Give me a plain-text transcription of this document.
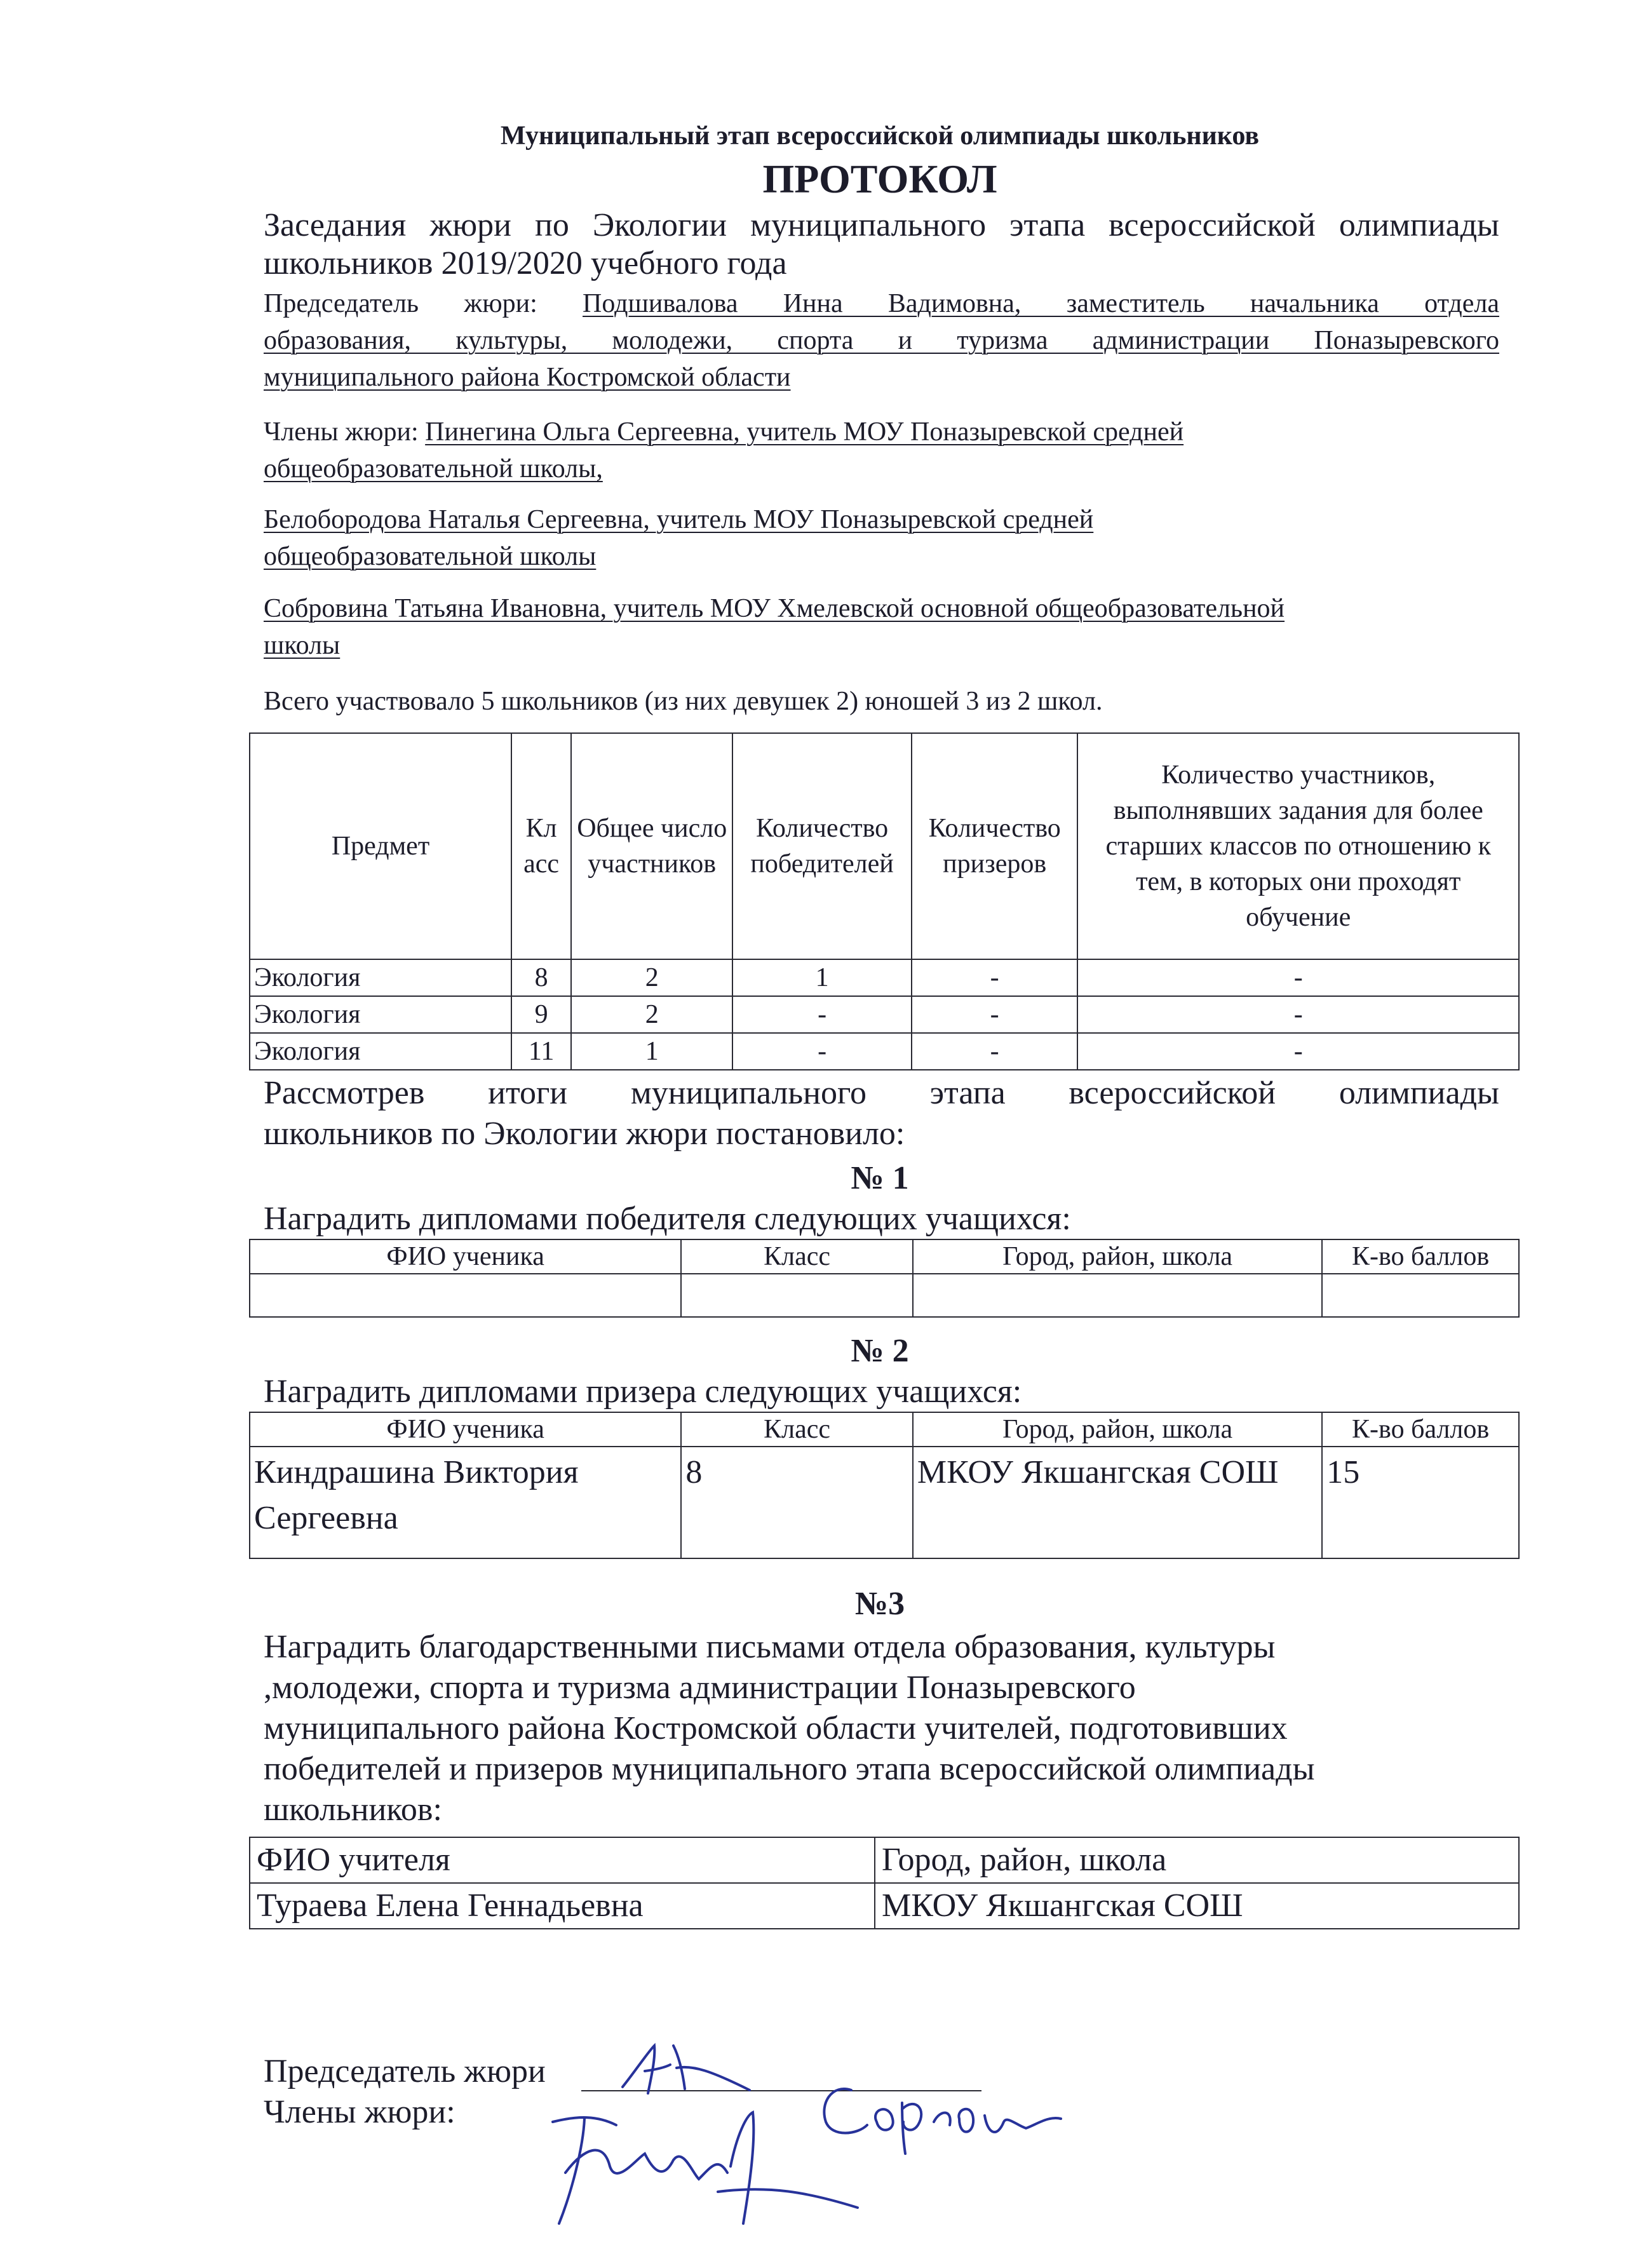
Муниципальный этап всероссийской олимпиады школьников
ПРОТОКОЛ
Заседания жюри по Экологии муниципального этапа всероссийской олимпиады
школьников 2019/2020 учебного года
Председатель жюри: Подшивалова Инна Вадимовна, заместитель начальника отдела
образования, культуры, молодежи, спорта и туризма администрации Поназыревского
муниципального района Костромской области
Члены жюри: Пинегина Ольга Сергеевна, учитель МОУ Поназыревской средней
общеобразовательной школы,
Белобородова Наталья Сергеевна, учитель МОУ Поназыревской средней
общеобразовательной школы
Собровина Татьяна Ивановна, учитель МОУ Хмелевской основной общеобразовательной
школы
Всего участвовало 5 школьников (из них девушек 2) юношей 3 из 2 школ.
Предмет	Кл асс	Общее число участников	Количество победителей	Количество призеров	Количество участников, выполнявших задания для более старших классов по отношению к тем, в которых они проходят обучение
Экология	8	2	1	-	-
Экология	9	2	-	-	-
Экология	11	1	-	-	-
Рассмотрев итоги муниципального этапа всероссийской олимпиады
школьников по Экологии жюри постановило:
№ 1
Наградить дипломами победителя следующих учащихся:
ФИО ученика	Класс	Город, район, школа	К-во баллов

№ 2
Наградить дипломами призера следующих учащихся:
ФИО ученика	Класс	Город, район, школа	К-во баллов
Киндрашина Виктория Сергеевна	8	МКОУ Якшангская СОШ	15
№3
Наградить благодарственными письмами отдела образования, культуры
,молодежи, спорта и туризма администрации Поназыревского
муниципального района Костромской области учителей, подготовивших
победителей и призеров муниципального этапа всероссийской олимпиады
школьников:
ФИО учителя	Город, район, школа
Тураева Елена Геннадьевна	МКОУ Якшангская СОШ
Председатель жюри
Члены жюри:
